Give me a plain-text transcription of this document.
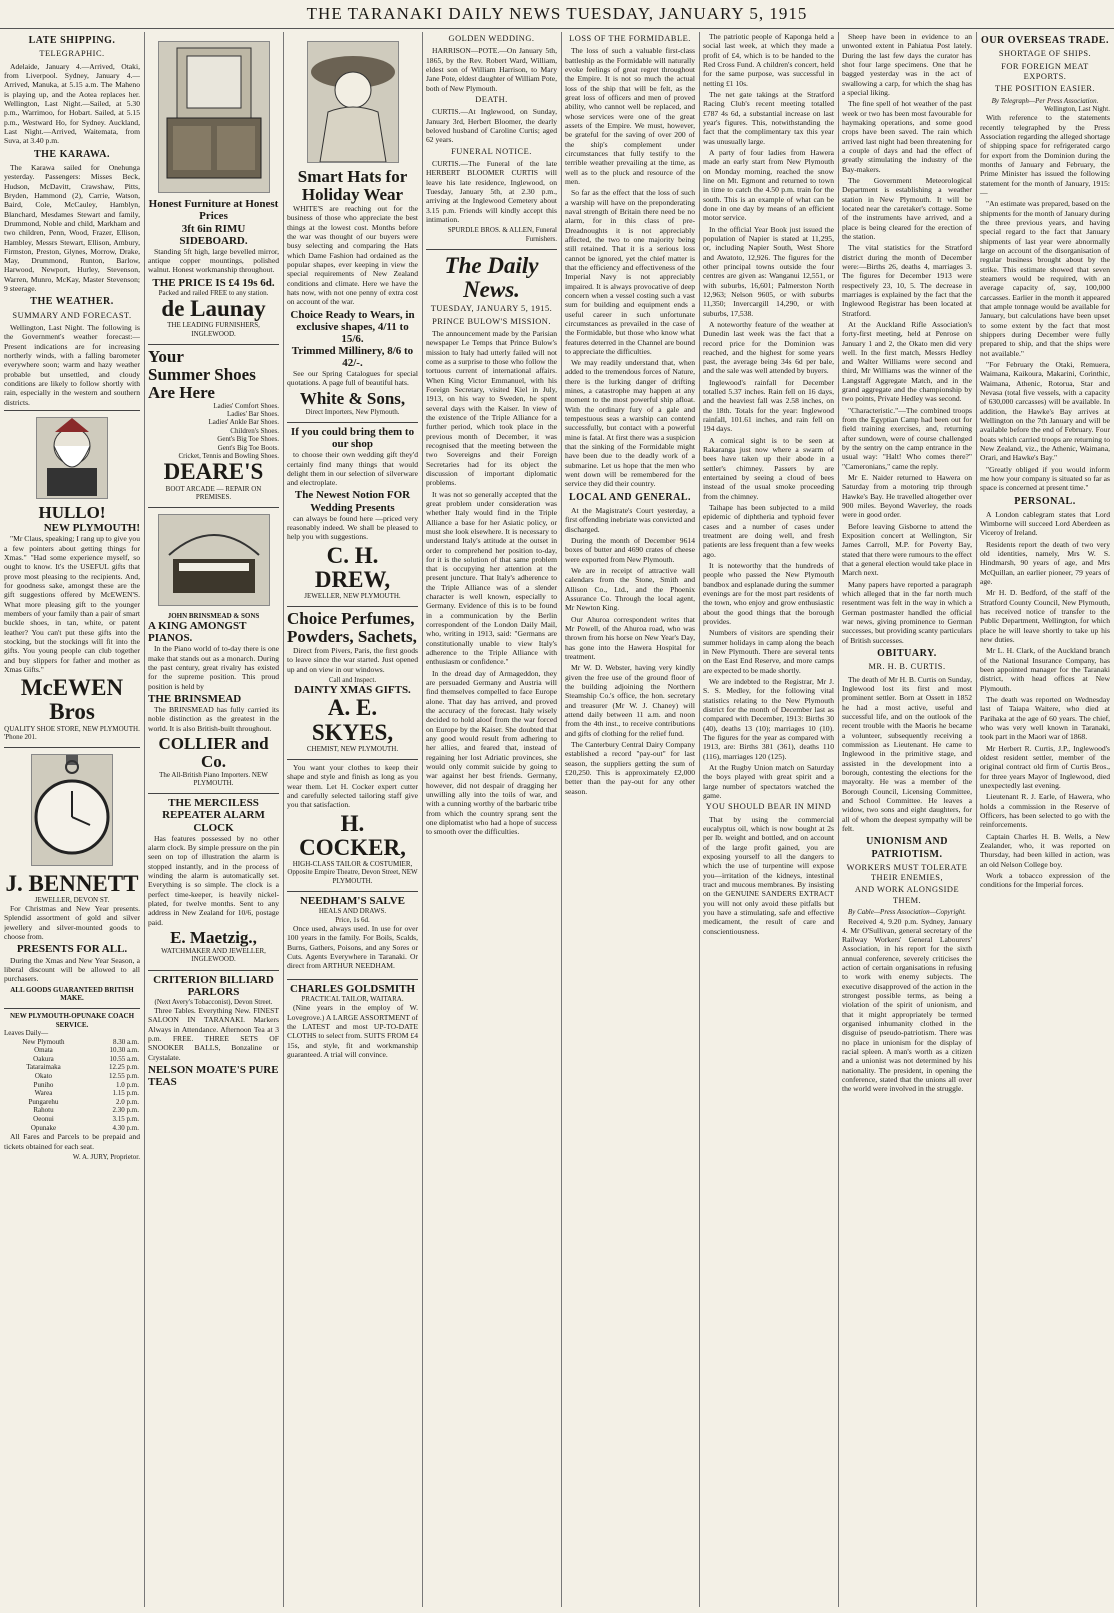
THE TARANAKI DAILY NEWS TUESDAY, JANUARY 5, 1915
LATE SHIPPING.
TELEGRAPHIC.

Adelaide, January 4.—Arrived, Otaki, from Liverpool. Sydney, January 4.—Arrived, Manuka, at 5.15 a.m. The Maheno is playing up, and the Aotea replaces her. Wellington, Last Night.—Sailed, at 5.30 p.m., Warrimoo, for Hobart. Sailed, at 5.15 p.m., Westward Ho, for Sydney. Auckland, Last Night.—Arrived, Waitemata, from Suva, at 3.40 p.m.

THE KARAWA.

The Karawa sailed for Onehunga yesterday. Passengers: Misses Beck, Hudson, McDavitt, Crawshaw, Pitts, Bryden, Hammond (2), Carrie, Watson, Baird, Cole, McCauley, Hamblyn, Blanchard, Mesdames Stewart and family, Drummond, Noble and child, Markham and two children, Penn, Wood, Frazer, Ellison, Hambley, Messrs Stewart, Ellison, Ambury, Firmston, Preston, Glynes, Morrow, Drake, May, Drummond, Runton, Barlow, Harwood, Newport, Hurley, Stevenson, Warren, Munro, McKay, Master Stevenson; 9 steerage.

THE WEATHER.
SUMMARY AND FORECAST.

Wellington, Last Night. The following is the Government's weather forecast:— Present indications are for increasing northerly winds, with a falling barometer everywhere soon; warm and hazy weather probable but unsettled, and cloudy conditions are likely to follow shortly with rain, especially in the western and southern districts.

HULLO!
NEW PLYMOUTH!

"Mr Claus, speaking; I rang up to give you a few pointers about getting things for Xmas." "Had some experience myself, so ought to know. It's the USEFUL gifts that prove most pleasing to the recipients. And, for goodness sake, amongst these are the gift suggestions offered by McEWEN'S. What more pleasing gift to the younger members of your family than a pair of smart buckle shoes, in tan, white, or patent leather? You can't put these gifts into the stocking, but the stockings will fit into the gifts. You young people can club together and buy slippers for father and mother as Xmas Gifts."

McEWEN Bros
QUALITY SHOE STORE, NEW PLYMOUTH.
'Phone 201.
J. BENNETT
JEWELLER, DEVON ST.

For Christmas and New Year presents. Splendid assortment of gold and silver jewellery and silver-mounted goods to choose from.

PRESENTS FOR ALL.

During the Xmas and New Year Season, a liberal discount will be allowed to all purchasers.

ALL GOODS GUARANTEED BRITISH MAKE.
NEW PLYMOUTH-OPUNAKE COACH SERVICE.
Leaves Daily—
New Plymouth	8.30 a.m.
Omata	10.30 a.m.
Oakura	10.55 a.m.
Tataraimaka	12.25 p.m.
Okato	12.55 p.m.
Puniho	1.0 p.m.
Warea	1.15 p.m.
Pungarehu	2.0 p.m.
Rahotu	2.30 p.m.
Oeonui	3.15 p.m.
Opunake	4.30 p.m.

All Fares and Parcels to be prepaid and tickets obtained for each seat.

W. A. JURY, Proprietor.
Honest Furniture at Honest Prices
3ft 6in RIMU SIDEBOARD.

Standing 5ft high, large bevelled mirror, antique copper mountings, polished walnut. Honest workmanship throughout.

THE PRICE IS £4 19s 6d.
Packed and railed FREE to any station.
de Launay
THE LEADING FURNISHERS, INGLEWOOD.
Your
Summer Shoes
Are Here
Ladies' Comfort Shoes.
Ladies' Bar Shoes.
Ladies' Ankle Bar Shoes.
Children's Shoes.
Gent's Big Toe Shoes.
Gent's Big Toe Boots.
Cricket, Tennis and Bowling Shoes.
DEARE'S
BOOT ARCADE — REPAIR ON PREMISES.
JOHN BRINSMEAD & SONS
A KING AMONGST PIANOS.

In the Piano world of to-day there is one make that stands out as a monarch. During the past century, great rivalry has existed for the supreme position. This proud position is held by

THE BRINSMEAD

The BRINSMEAD has fully carried its noble distinction as the greatest in the world. It is also British-built throughout.

COLLIER and Co.
The All-British Piano Importers. NEW PLYMOUTH.
THE MERCILESS REPEATER ALARM CLOCK

Has features possessed by no other alarm clock. By simple pressure on the pin seen on top of illustration the alarm is stopped instantly, and in the process of winding the alarm is automatically set. Everything is so simple. The clock is a perfect time-keeper, is heavily nickel-plated, for twelve months. Sent to any address in New Zealand for 10/6, postage paid.

E. Maetzig.,
WATCHMAKER AND JEWELLER, INGLEWOOD.
CRITERION BILLIARD PARLORS
(Next Avery's Tobacconist), Devon Street.

Three Tables. Everything New. FINEST SALOON IN TARANAKI. Markers Always in Attendance. Afternoon Tea at 3 p.m. FREE. THREE SETS OF SNOOKER BALLS, Bonzaline or Crystalate.

NELSON MOATE'S PURE TEAS
Smart Hats for Holiday Wear

WHITE'S are reaching out for the business of those who appreciate the best things at the lowest cost. Months before the war was thought of our buyers were busy selecting and comparing the Hats which Dame Fashion had ordained as the popular shapes, ever keeping in view the special requirements of New Zealand conditions and climate. Here we have the hats now, with not one penny of extra cost on account of the war.

Choice Ready to Wears, in exclusive shapes, 4/11 to 15/6.
Trimmed Millinery, 8/6 to 42/-.

See our Spring Catalogues for special quotations. A page full of beautiful hats.

White & Sons,
Direct Importers, New Plymouth.
If you could bring them to our shop

to choose their own wedding gift they'd certainly find many things that would delight them in our selection of silverware and electroplate.

The Newest Notion FOR Wedding Presents

can always be found here —priced very reasonably indeed. We shall be pleased to help you with suggestions.

C. H. DREW,
JEWELLER, NEW PLYMOUTH.
Choice Perfumes, Powders, Sachets,

Direct from Pivers, Paris, the first goods to leave since the war started. Just opened up and on view in our windows.

Call and Inspect.
DAINTY XMAS GIFTS.
A. E. SKYES,
CHEMIST, NEW PLYMOUTH.

You want your clothes to keep their shape and style and finish as long as you wear them. Let H. Cocker expert cutter and carefully selected tailoring staff give you that satisfaction.

H. COCKER,
HIGH-CLASS TAILOR & COSTUMIER, Opposite Empire Theatre, Devon Street, NEW PLYMOUTH.
NEEDHAM'S SALVE
HEALS AND DRAWS.
Price, 1s 6d.

Once used, always used. In use for over 100 years in the family. For Boils, Scalds, Burns, Gathers, Poisons, and any Sores or Cuts. Agents Everywhere in Taranaki. Or direct from ARTHUR NEEDHAM.

CHARLES GOLDSMITH
PRACTICAL TAILOR, WAITARA.

(Nine years in the employ of W. Lovegrove.) A LARGE ASSORTMENT of the LATEST and most UP-TO-DATE CLOTHS to select from. SUITS FROM £4 15s, and style, fit and workmanship guaranteed. A trial will convince.

GOLDEN WEDDING.

HARRISON—POTE.—On January 5th, 1865, by the Rev. Robert Ward, William, eldest son of William Harrison, to Mary Jane Pote, eldest daughter of William Pote, both of New Plymouth.

DEATH.

CURTIS.—At Inglewood, on Sunday, January 3rd, Herbert Bloomer, the dearly beloved husband of Caroline Curtis; aged 62 years.

FUNERAL NOTICE.

CURTIS.—The Funeral of the late HERBERT BLOOMER CURTIS will leave his late residence, Inglewood, on Tuesday, January 5th, at 2.30 p.m., arriving at the Inglewood Cemetery about 3.15 p.m. Friends will kindly accept this intimation.

SPURDLE BROS. & ALLEN, Funeral Furnishers.
The Daily News.
TUESDAY, JANUARY 5, 1915.
PRINCE BULOW'S MISSION.

The announcement made by the Parisian newspaper Le Temps that Prince Bulow's mission to Italy had utterly failed will not come as a surprise to those who follow the tortuous current of international affairs. When King Victor Emmanuel, with his Foreign Secretary, visited Kiel in July, 1913, on his way to Sweden, he spent several days with the Kaiser. In view of the existence of the Triple Alliance for a further period, which took place in the previous month of December, it was recognised that the meeting between the two Sovereigns and their Foreign Secretaries had for its object the discussion of important diplomatic problems.

It was not so generally accepted that the great problem under consideration was whether Italy would find in the Triple Alliance a base for her Asiatic policy, or must she look elsewhere. It is necessary to understand Italy's attitude at the outset in order to comprehend her position to-day, for it is the solution of that same problem that is occupying her attention at the present juncture. That Italy's adherence to the Triple Alliance was of a slender character is well known, especially to Germany. Evidence of this is to be found in a communication by the Berlin correspondent of the London Daily Mail, who, writing in 1913, said: "Germans are constitutionally unable to view Italy's adherence to the Triple Alliance with enthusiasm or confidence."

In the dread day of Armageddon, they are persuaded Germany and Austria will find themselves compelled to face Europe alone. That day has arrived, and proved the accuracy of the forecast. Italy wisely decided to hold aloof from the war forced on Europe by the Kaiser. She doubted that any good would result from adhering to her allies, and feared that, instead of regaining her lost Adriatic provinces, she would only commit suicide by going to war against her best friends. Germany, however, did not despair of dragging her unwilling ally into the toils of war, and with a cunning worthy of the barbaric tribe from which the country sprang sent the one diplomatist who had a hope of success to smooth over the difficulties.

LOSS OF THE FORMIDABLE.

The loss of such a valuable first-class battleship as the Formidable will naturally evoke feelings of great regret throughout the Empire. It is not so much the actual loss of the ship that will be felt, as the great loss of officers and men of proved ability, who cannot well be replaced, and whose services were one of the great assets of the Empire. We must, however, be grateful for the saving of over 200 of the ship's complement under circumstances that fully testify to the terrible weather prevailing at the time, as well as to the pluck and resource of the men.

So far as the effect that the loss of such a warship will have on the preponderating naval strength of Britain there need be no alarm, for in this class of pre-Dreadnoughts it is not appreciably affected, the two to one majority being still retained. That it is a serious loss cannot be ignored, yet the chief matter is that the efficiency and effectiveness of the Imperial Navy is not appreciably impaired. It is always provocative of deep concern when a vessel costing such a vast sum for building and equipment ends a useful career in such unfortunate circumstances as prevailed in the case of the Formidable, but those who know what features deterred in the Channel are bound to appreciate the difficulties.

We may readily understand that, when added to the tremendous forces of Nature, there is the lurking danger of drifting mines, a catastrophe may happen at any moment to the most powerful ship afloat. With the ordinary fury of a gale and tempestuous seas a warship can contend successfully, but contact with a powerful mine is fatal. At first there was a suspicion that the sinking of the Formidable might have been due to the deadly work of a submarine. Let us hope that the men who went down will be remembered for the service they did their country.

LOCAL AND GENERAL.

At the Magistrate's Court yesterday, a first offending inebriate was convicted and discharged.

During the month of December 9614 boxes of butter and 4690 crates of cheese were exported from New Plymouth.

We are in receipt of attractive wall calendars from the Stone, Smith and Allison Co., Ltd., and the Phoenix Assurance Co. Through the local agent, Mr Newton King.

Our Ahuroa correspondent writes that Mr Powell, of the Ahuroa road, who was thrown from his horse on New Year's Day, has gone into the Hawera Hospital for treatment.

Mr W. D. Webster, having very kindly given the free use of the ground floor of the building adjoining the Northern Steamship Co.'s office, the hon. secretary and treasurer (Mr W. J. Chaney) will attend daily between 11 a.m. and noon from the 4th inst., to receive contributions and gifts of clothing for the relief fund.

The Canterbury Central Dairy Company established a record "pay-out" for last season, the suppliers getting the sum of £20,250. This is approximately £2,000 better than the pay-out for any other season.

The patriotic people of Kaponga held a social last week, at which they made a profit of £4, which is to be handed to the Red Cross Fund. A children's concert, held for the same purpose, was successful in netting £1 10s.

The net gate takings at the Stratford Racing Club's recent meeting totalled £787 4s 6d, a substantial increase on last year's figures. This, notwithstanding the fact that the complimentary tax this year was unusually large.

A party of four ladies from Hawera made an early start from New Plymouth on Monday morning, reached the snow line on Mt. Egmont and returned to town in time to catch the 4.50 p.m. train for the south. This is an example of what can be done in one day by means of an efficient motor service.

In the official Year Book just issued the population of Napier is stated at 11,295, or, including Napier South, West Shore and Awatoto, 12,926. The figures for the other principal towns outside the four centres are given as: Wanganui 12,551, or with suburbs, 16,601; Palmerston North 12,963; Nelson 9605, or with suburbs 11,350; Invercargill 14,290, or with suburbs, 17,538.

A noteworthy feature of the weather at Dunedin last week was the fact that a record price for the Dominion was reached, and the highest for some years past, the average being 34s 6d per bale, and the sale was well attended by buyers.

Inglewood's rainfall for December totalled 5.37 inches. Rain fell on 16 days, and the heaviest fall was 2.58 inches, on the 18th. Totals for the year: Inglewood rainfall, 101.61 inches, and rain fell on 194 days.

A comical sight is to be seen at Rakaranga just now where a swarm of bees have taken up their abode in a settler's chimney. Passers by are entertained by seeing a cloud of bees instead of the usual smoke proceeding from the chimney.

Taihape has been subjected to a mild epidemic of diphtheria and typhoid fever cases and a number of cases under treatment are doing well, and fresh patients are less frequent than a few weeks ago.

It is noteworthy that the hundreds of people who passed the New Plymouth bandbox and esplanade during the summer evenings are for the most part residents of the town, who enjoy and grow enthusiastic about the good things that the borough provides.

Numbers of visitors are spending their summer holidays in camp along the beach in New Plymouth. There are several tents on the East End Reserve, and more camps are expected to be made shortly.

We are indebted to the Registrar, Mr J. S. S. Medley, for the following vital statistics relating to the New Plymouth district for the month of December last as compared with December, 1913: Births 30 (40), deaths 13 (10); marriages 10 (10). The figures for the year as compared with 1913, are: Births 381 (361), deaths 110 (116), marriages 120 (125).

At the Rugby Union match on Saturday the boys played with great spirit and a large number of spectators watched the game.

YOU SHOULD BEAR IN MIND

That by using the commercial eucalyptus oil, which is now bought at 2s per lb. weight and bottled, and on account of the large profit gained, you are exposing yourself to all the dangers to which the use of turpentine will expose you—irritation of the kidneys, intestinal tract and mucous membranes. By insisting on the GENUINE SANDERS EXTRACT you will not only avoid these pitfalls but you have a stimulating, safe and effective medicament, the result of care and conscientiousness.

Sheep have been in evidence to an unwonted extent in Pahiatua Post lately. During the last few days the curator has shot four large specimens. One that he bagged yesterday was in the act of swallowing a carp, for which the shag has a special liking.

The fine spell of hot weather of the past week or two has been most favourable for haymaking operations, and some good crops have been saved. The rain which arrived last night had been threatening for a couple of days and had the effect of greatly stimulating the industry of the Bay-makers.

The Government Meteorological Department is establishing a weather station in New Plymouth. It will be located near the caretaker's cottage. Some of the instruments have arrived, and a place is being cleared for the erection of the station.

The vital statistics for the Stratford district during the month of December were:—Births 26, deaths 4, marriages 3. The figures for December 1913 were respectively 23, 10, 5. The decrease in marriages is explained by the fact that the Inglewood Registrar has been located at Stratford.

At the Auckland Rifle Association's forty-first meeting, held at Penrose on January 1 and 2, the Okato men did very well. In the first match, Messrs Hedley and Walter Williams were second and third, Mr Williams was the winner of the Langstaff Aggregate Match, and in the grand aggregate and the championship by two points, Private Hedley was second.

"Characteristic."—The combined troops from the Egyptian Camp had been out for field training exercises, and, returning after sundown, were of course challenged by the sentry on the camp entrance in the usual way: "Halt! Who comes there?" "Cameronians," came the reply.

Mr E. Naider returned to Hawera on Saturday from a motoring trip through Hawke's Bay. He travelled altogether over 900 miles. Beyond Waverley, the roads were in good order.

Before leaving Gisborne to attend the Exposition concert at Wellington, Sir James Carroll, M.P. for Poverty Bay, stated that there were rumours to the effect that a general election would take place in March next.

Many papers have reported a paragraph which alleged that in the far north much resentment was felt in the way in which a German postmaster handled the official war news, giving prominence to German successes, but providing scanty particulars of British successes.

OBITUARY.
MR. H. B. CURTIS.

The death of Mr H. B. Curtis on Sunday, Inglewood lost its first and most prominent settler. Born at Ossett in 1852 he had a most active, useful and successful life, and on the outlook of the recent trouble with the Maoris he became a volunteer, subsequently receiving a commission as Lieutenant. He came to Inglewood in the primitive stage, and assisted in the development into a borough, contesting the elections for the mayoralty. He was a member of the Borough Council, Licensing Committee, and School Committee. He leaves a widow, two sons and eight daughters, for all of whom the deepest sympathy will be felt.

UNIONISM AND PATRIOTISM.
WORKERS MUST TOLERATE THEIR ENEMIES,
AND WORK ALONGSIDE THEM.
By Cable—Press Association—Copyright.

Received 4, 9.20 p.m. Sydney, January 4. Mr O'Sullivan, general secretary of the Railway Workers' General Labourers' Association, in his report for the sixth annual conference, severely criticises the action of certain organisations in refusing to work with enemy subjects. The executive disapproved of the action in the strongest possible terms, as being a violation of the spirit of unionism, and that it might appropriately be termed organised inhumanity clothed in the disguise of pseudo-patriotism. There was no place in unionism for the display of racial spleen. A man's worth as a citizen and a unionist was not determined by his nationality. The president, in opening the conference, stated that the unions all over the world were involved in the struggle.

OUR OVERSEAS TRADE.
SHORTAGE OF SHIPS.
FOR FOREIGN MEAT EXPORTS.
THE POSITION EASIER.
By Telegraph—Per Press Association.
Wellington, Last Night.

With reference to the statements recently telegraphed by the Press Association regarding the alleged shortage of shipping space for refrigerated cargo for export from the Dominion during the months of January and February, the Prime Minister has issued the following statement for the month of January, 1915:—

"An estimate was prepared, based on the shipments for the month of January during the three previous years, and having special regard to the fact that January shipments of last year were abnormally large on account of the disorganisation of regular business brought about by the strike. This estimate showed that seven steamers would be required, with an average capacity of, say, 100,000 carcasses. Earlier in the month it appeared that ample tonnage would be available for January, but calculations have been upset to some extent by the fact that most shippers during December were fully prepared to ship, and that the ships were not available."

"For February the Otaki, Remuera, Waimana, Kaikoura, Makarini, Corinthic, Waimana, Athenic, Rotorua, Star and Nevasa (total five vessels, with a capacity of 630,000 carcasses) will be available. In addition, the Hawke's Bay arrives at Wellington on the 7th January and will be available before the end of February. Four boats which carried troops are returning to New Zealand, viz., the Athenic, Waimana, Orari, and Hawke's Bay."

"Greatly obliged if you would inform me how your company is situated so far as space is concerned at present time."

PERSONAL.

A London cablegram states that Lord Wimborne will succeed Lord Aberdeen as Viceroy of Ireland.

Residents report the death of two very old identities, namely, Mrs W. S. Hindmarsh, 90 years of age, and Mrs McQuillan, an earlier pioneer, 79 years of age.

Mr H. D. Bedford, of the staff of the Stratford County Council, New Plymouth, has received notice of transfer to the Public Department, Wellington, for which place he will leave shortly to take up his new duties.

Mr L. H. Clark, of the Auckland branch of the National Insurance Company, has been appointed manager for the Taranaki district, with head offices at New Plymouth.

The death was reported on Wednesday last of Taiapa Waitere, who died at Parihaka at the age of 60 years. The chief, who was very well known in Taranaki, took part in the Maori war of 1868.

Mr Herbert R. Curtis, J.P., Inglewood's oldest resident settler, member of the original contract old firm of Curtis Bros., for three years Mayor of Inglewood, died unexpectedly last evening.

Lieutenant R. J. Earle, of Hawera, who holds a commission in the Reserve of Officers, has been selected to go with the reinforcements.

Captain Charles H. B. Wells, a New Zealander, who, it was reported on Thursday, had been killed in action, was an old Nelson College boy.

Work a tobacco expression of the conditions for the Imperial forces.
